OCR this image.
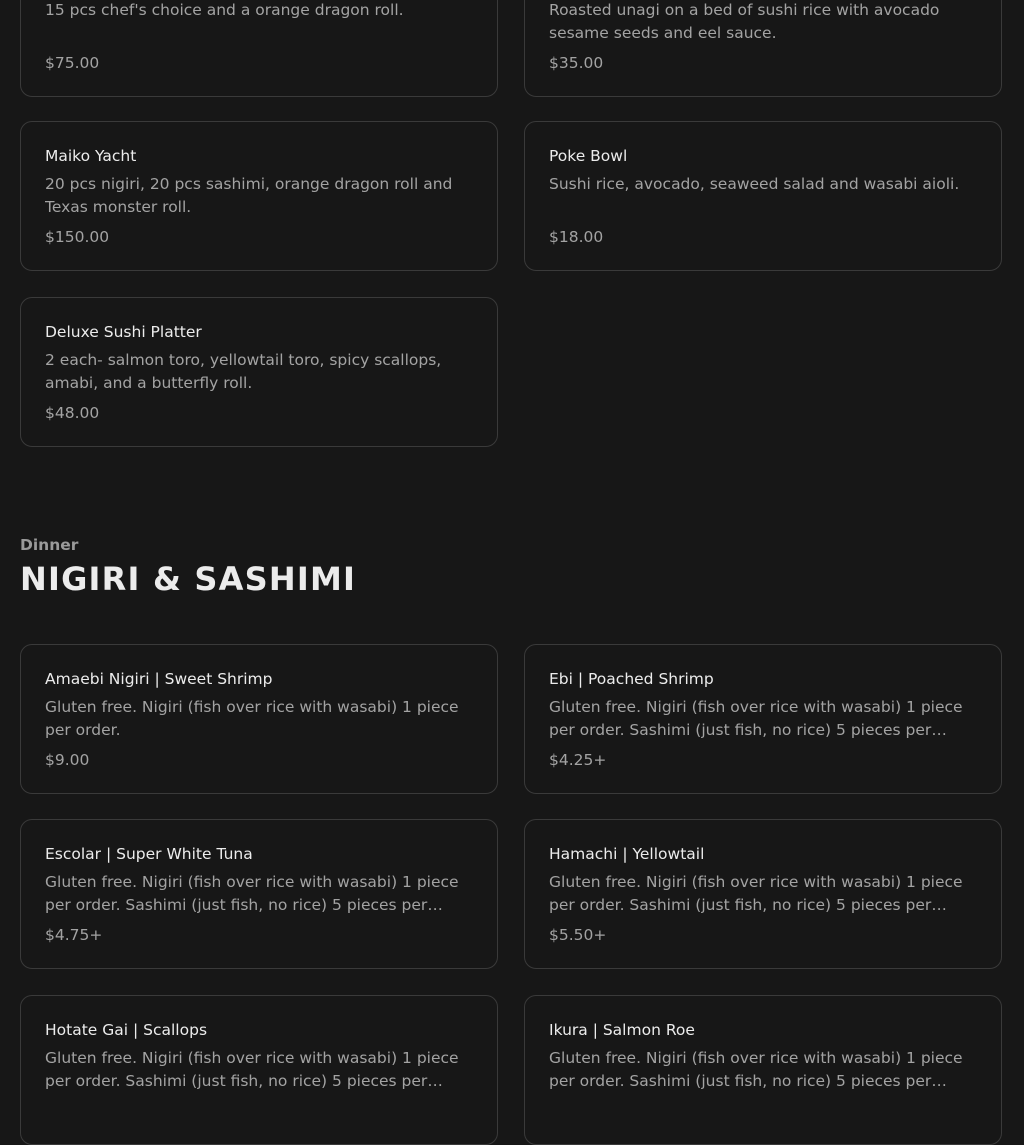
15 pcs chef's choice and a orange dragon roll.
$75.00
Roasted unagi on a bed of sushi rice with avocado sesame seeds and eel sauce.
$35.00
Maiko Yacht
20 pcs nigiri, 20 pcs sashimi, orange dragon roll and Texas monster roll.
$150.00
Poke Bowl
Sushi rice, avocado, seaweed salad and wasabi aioli.
$18.00
Deluxe Sushi Platter
2 each- salmon toro, yellowtail toro, spicy scallops, amabi, and a butterfly roll.
$48.00
Dinner
NIGIRI & SASHIMI
Amaebi Nigiri | Sweet Shrimp
Gluten free. Nigiri (fish over rice with wasabi) 1 piece per order.
$9.00
Ebi | Poached Shrimp
Gluten free. Nigiri (fish over rice with wasabi) 1 piece per order. Sashimi (just fish, no rice) 5 pieces per
$4.25+
Escolar | Super White Tuna
Gluten free. Nigiri (fish over rice with wasabi) 1 piece per order. Sashimi (just fish, no rice) 5 pieces per
$4.75+
Hamachi | Yellowtail
Gluten free. Nigiri (fish over rice with wasabi) 1 piece per order. Sashimi (just fish, no rice) 5 pieces per
$5.50+
Hotate Gai | Scallops
Gluten free. Nigiri (fish over rice with wasabi) 1 piece per order. Sashimi (just fish, no rice) 5 pieces per
Ikura | Salmon Roe
Gluten free. Nigiri (fish over rice with wasabi) 1 piece per order. Sashimi (just fish, no rice) 5 pieces per
